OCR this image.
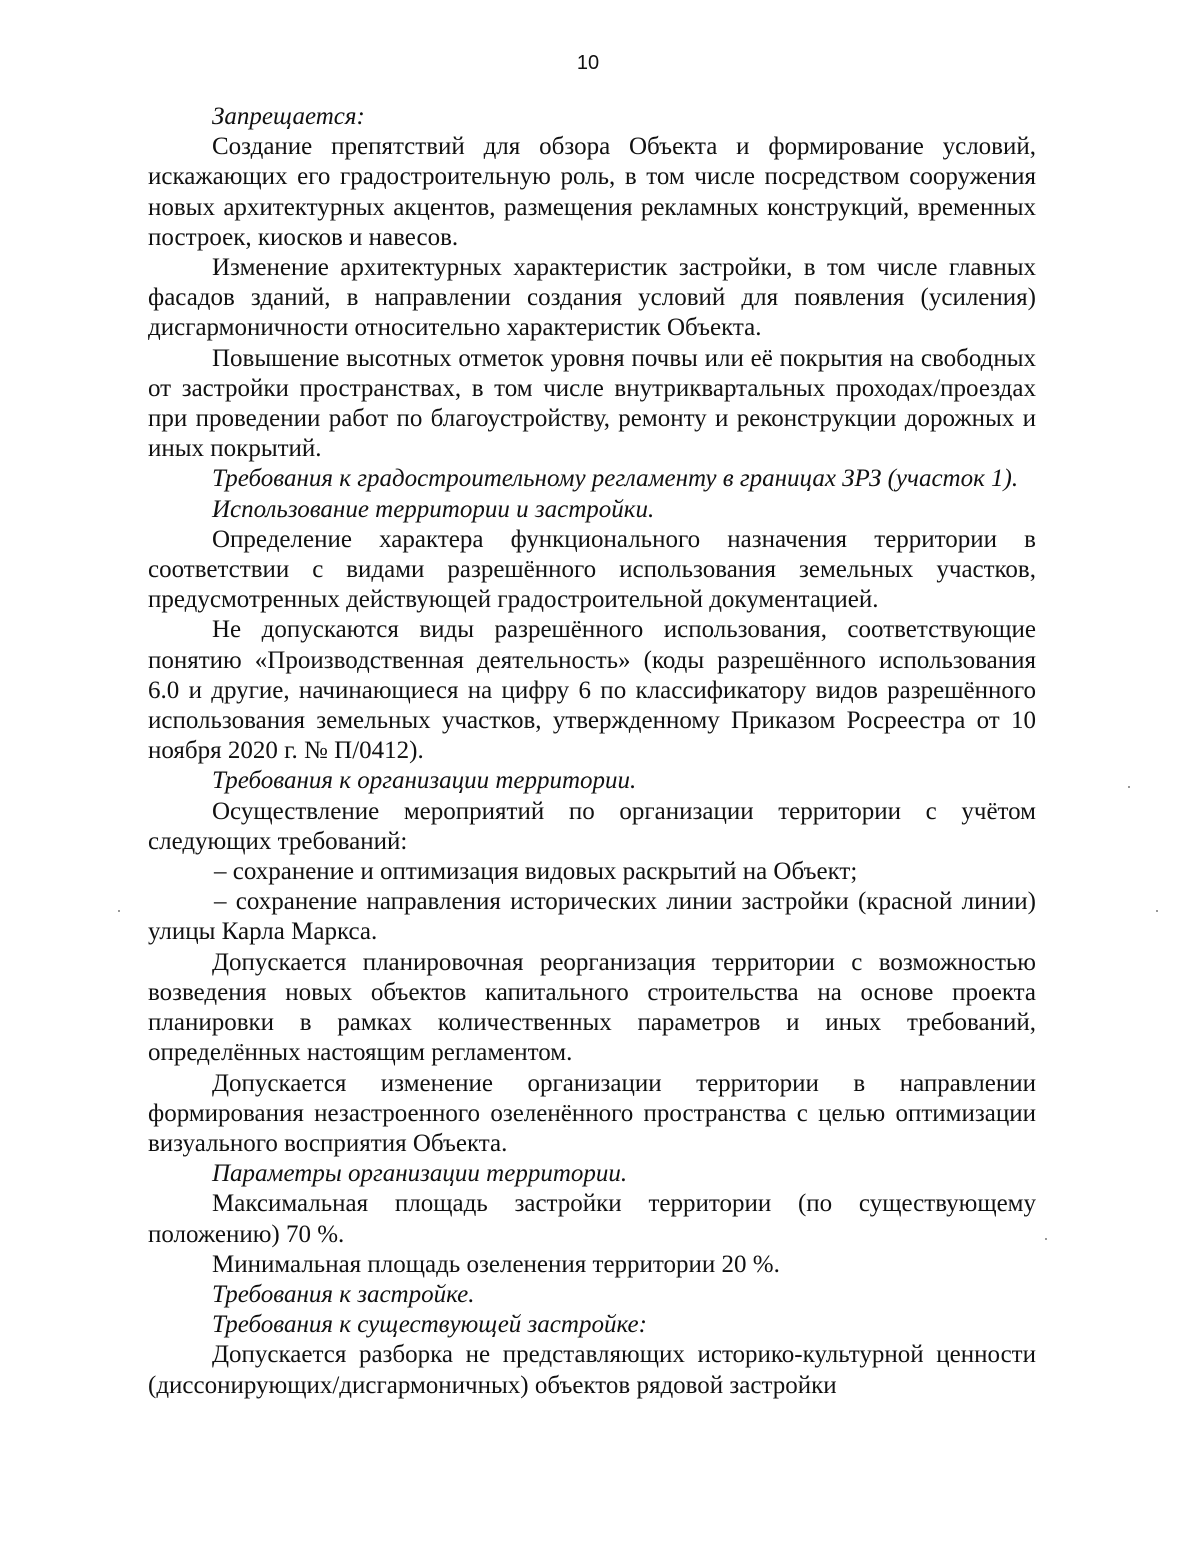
10

Запрещается:

Создание препятствий для обзора Объекта и формирование условий, искажающих его градостроительную роль, в том числе посредством сооружения новых архитектурных акцентов, размещения рекламных конструкций, временных построек, киосков и навесов.

Изменение архитектурных характеристик застройки, в том числе главных фасадов зданий, в направлении создания условий для появления (усиления) дисгармоничности относительно характеристик Объекта.

Повышение высотных отметок уровня почвы или её покрытия на свободных от застройки пространствах, в том числе внутриквартальных проходах/проездах при проведении работ по благоустройству, ремонту и реконструкции дорожных и иных покрытий.

Требования к градостроительному регламенту в границах ЗРЗ (участок 1).

Использование территории и застройки.

Определение характера функционального назначения территории в соответствии с видами разрешённого использования земельных участков, предусмотренных действующей градостроительной документацией.

Не допускаются виды разрешённого использования, соответствующие понятию «Производственная деятельность» (коды разрешённого использования 6.0 и другие, начинающиеся на цифру 6 по классификатору видов разрешённого использования земельных участков, утвержденному Приказом Росреестра от 10 ноября 2020 г. № П/0412).

Требования к организации территории.

Осуществление мероприятий по организации территории с учётом следующих требований:

– сохранение и оптимизация видовых раскрытий на Объект;

– сохранение направления исторических линии застройки (красной линии) улицы Карла Маркса.

Допускается планировочная реорганизация территории с возможностью возведения новых объектов капитального строительства на основе проекта планировки в рамках количественных параметров и иных требований, определённых настоящим регламентом.

Допускается изменение организации территории в направлении формирования незастроенного озеленённого пространства с целью оптимизации визуального восприятия Объекта.

Параметры организации территории.

Максимальная площадь застройки территории (по существующему положению) 70 %.

Минимальная площадь озеленения территории 20 %.

Требования к застройке.

Требования к существующей застройке:

Допускается разборка не представляющих историко-культурной ценности (диссонирующих/дисгармоничных) объектов рядовой застройки
